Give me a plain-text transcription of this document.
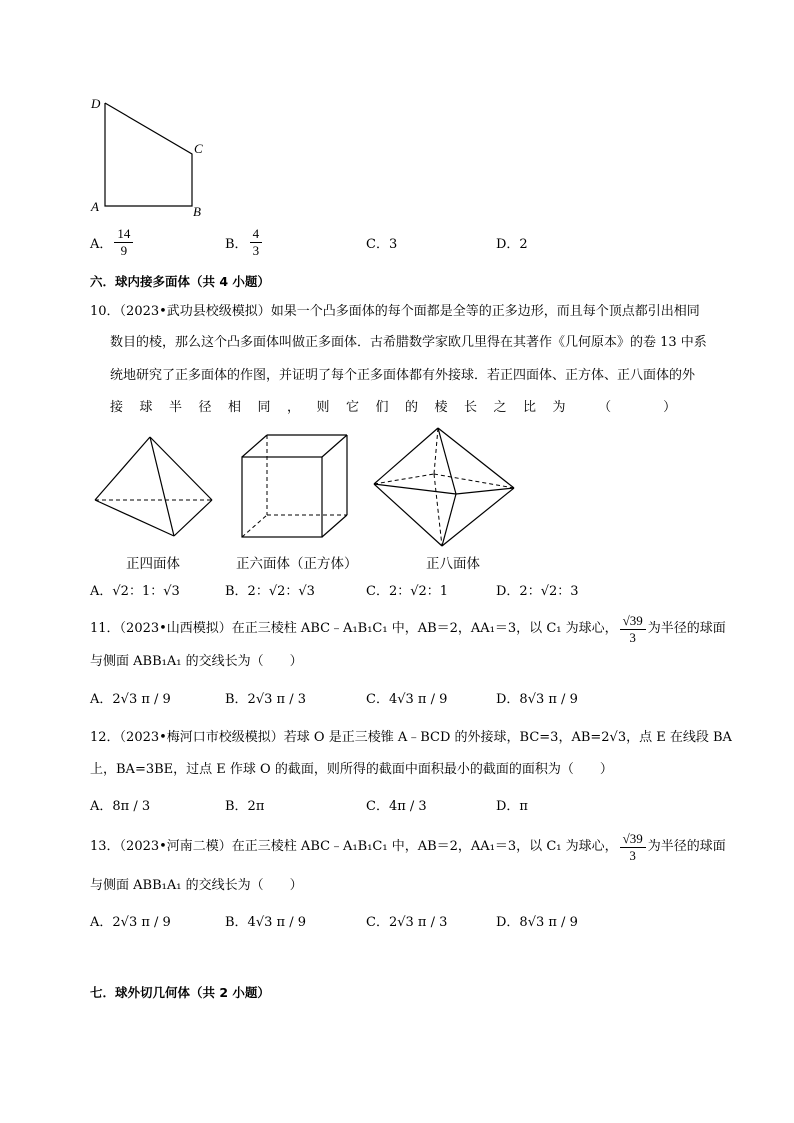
D
C
A	B
A． $\frac{14}{9}$	B． $\frac{4}{3}$	C．3	D．2
六．球内接多面体（共 4 小题）
10．（2023•武功县校级模拟）如果一个凸多面体的每个面都是全等的正多边形，而且每个顶点都引出相同
数目的棱，那么这个凸多面体叫做正多面体．古希腊数学家欧几里得在其著作《几何原本》的卷 13 中系
统地研究了正多面体的作图，并证明了每个正多面体都有外接球．若正四面体、正方体、正八面体的外
接球半径相同，则它们的棱长之比为 （　　　　）
正四面体	正六面体（正方体）	正八面体
A．√2：1：√3	B．2：√2：√3	C．2：√2：1	D．2：√2：3
11．（2023•山西模拟）在正三棱柱 ABC﹣A₁B₁C₁ 中，AB＝2，AA₁＝3，以 C₁ 为球心， $\frac{√39}{3}$ 为半径的球面
与侧面 ABB₁A₁ 的交线长为（　　）
A．2√3 π / 9	B．2√3 π / 3	C．4√3 π / 9	D．8√3 π / 9
12．（2023•梅河口市校级模拟）若球 O 是正三棱锥 A﹣BCD 的外接球，BC=3，AB=2√3，点 E 在线段 BA
上，BA=3BE，过点 E 作球 O 的截面，则所得的截面中面积最小的截面的面积为（　　）
A．8π / 3	B．2π	C．4π / 3	D．π
13．（2023•河南二模）在正三棱柱 ABC﹣A₁B₁C₁ 中，AB＝2，AA₁＝3，以 C₁ 为球心， $\frac{√39}{3}$ 为半径的球面
与侧面 ABB₁A₁ 的交线长为（　　）
A．2√3 π / 9	B．4√3 π / 9	C．2√3 π / 3	D．8√3 π / 9
七．球外切几何体（共 2 小题）
